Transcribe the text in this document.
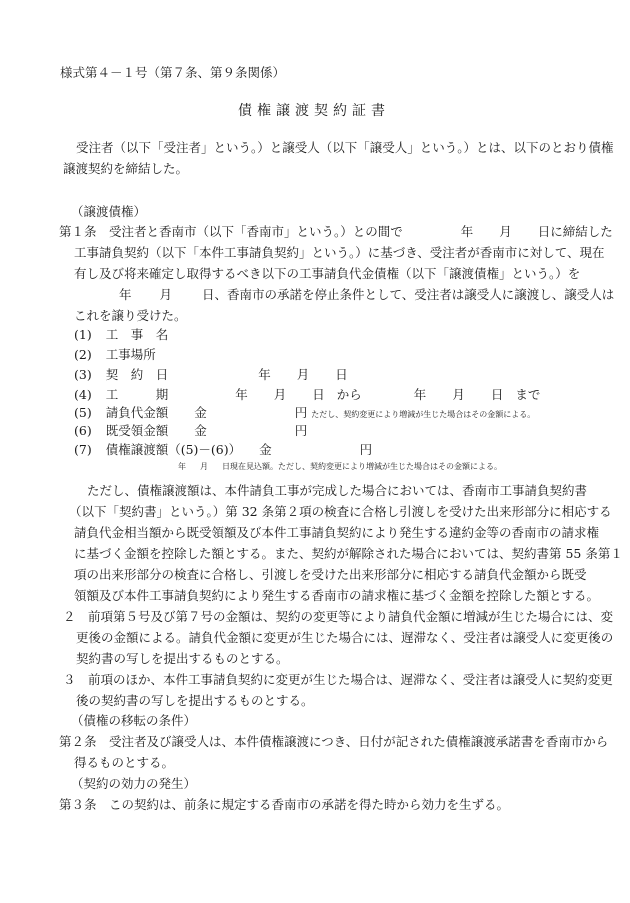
様式第４－１号（第７条、第９条関係）
債権譲渡契約証書
受注者（以下「受注者」という。）と譲受人（以下「譲受人」という。）とは、以下のとおり債権
譲渡契約を締結した。
（譲渡債権）
第１条　受注者と香南市（以下「香南市」という。）との間で	年 月 日に締結した
工事請負契約（以下「本件工事請負契約」という。）に基づき、受注者が香南市に対して、現在
有し及び将来確定し取得するべき以下の工事請負代金債権（以下「譲渡債権」という。）を
年 月 日、香南市の承諾を停止条件として、受注者は譲受人に譲渡し、譲受人は
これを譲り受けた。
(1) 工　事　名
(2) 工事場所
(3) 契　約　日	年 月 日
(4) 工　　　期	年 月 日 から	年 月 日 まで
(5) 請負代金額 金	円 ただし、契約変更により増減が生じた場合はその金額による。
(6) 既受領金額 金	円
(7) 債権譲渡額（(5)－(6)） 金	円
年 月 日現在見込額。ただし、契約変更により増減が生じた場合はその金額による。
ただし、債権譲渡額は、本件請負工事が完成した場合においては、香南市工事請負契約書
（以下「契約書」という。）第 32 条第２項の検査に合格し引渡しを受けた出来形部分に相応する
請負代金相当額から既受領額及び本件工事請負契約により発生する違約金等の香南市の請求権
に基づく金額を控除した額とする。また、契約が解除された場合においては、契約書第 55 条第１
項の出来形部分の検査に合格し、引渡しを受けた出来形部分に相応する請負代金額から既受
領額及び本件工事請負契約により発生する香南市の請求権に基づく金額を控除した額とする。
２　前項第５号及び第７号の金額は、契約の変更等により請負代金額に増減が生じた場合には、変
更後の金額による。請負代金額に変更が生じた場合には、遅滞なく、受注者は譲受人に変更後の
契約書の写しを提出するものとする。
３　前項のほか、本件工事請負契約に変更が生じた場合は、遅滞なく、受注者は譲受人に契約変更
後の契約書の写しを提出するものとする。
（債権の移転の条件）
第２条　受注者及び譲受人は、本件債権譲渡につき、日付が記された債権譲渡承諾書を香南市から
得るものとする。
（契約の効力の発生）
第３条　この契約は、前条に規定する香南市の承諾を得た時から効力を生ずる。
